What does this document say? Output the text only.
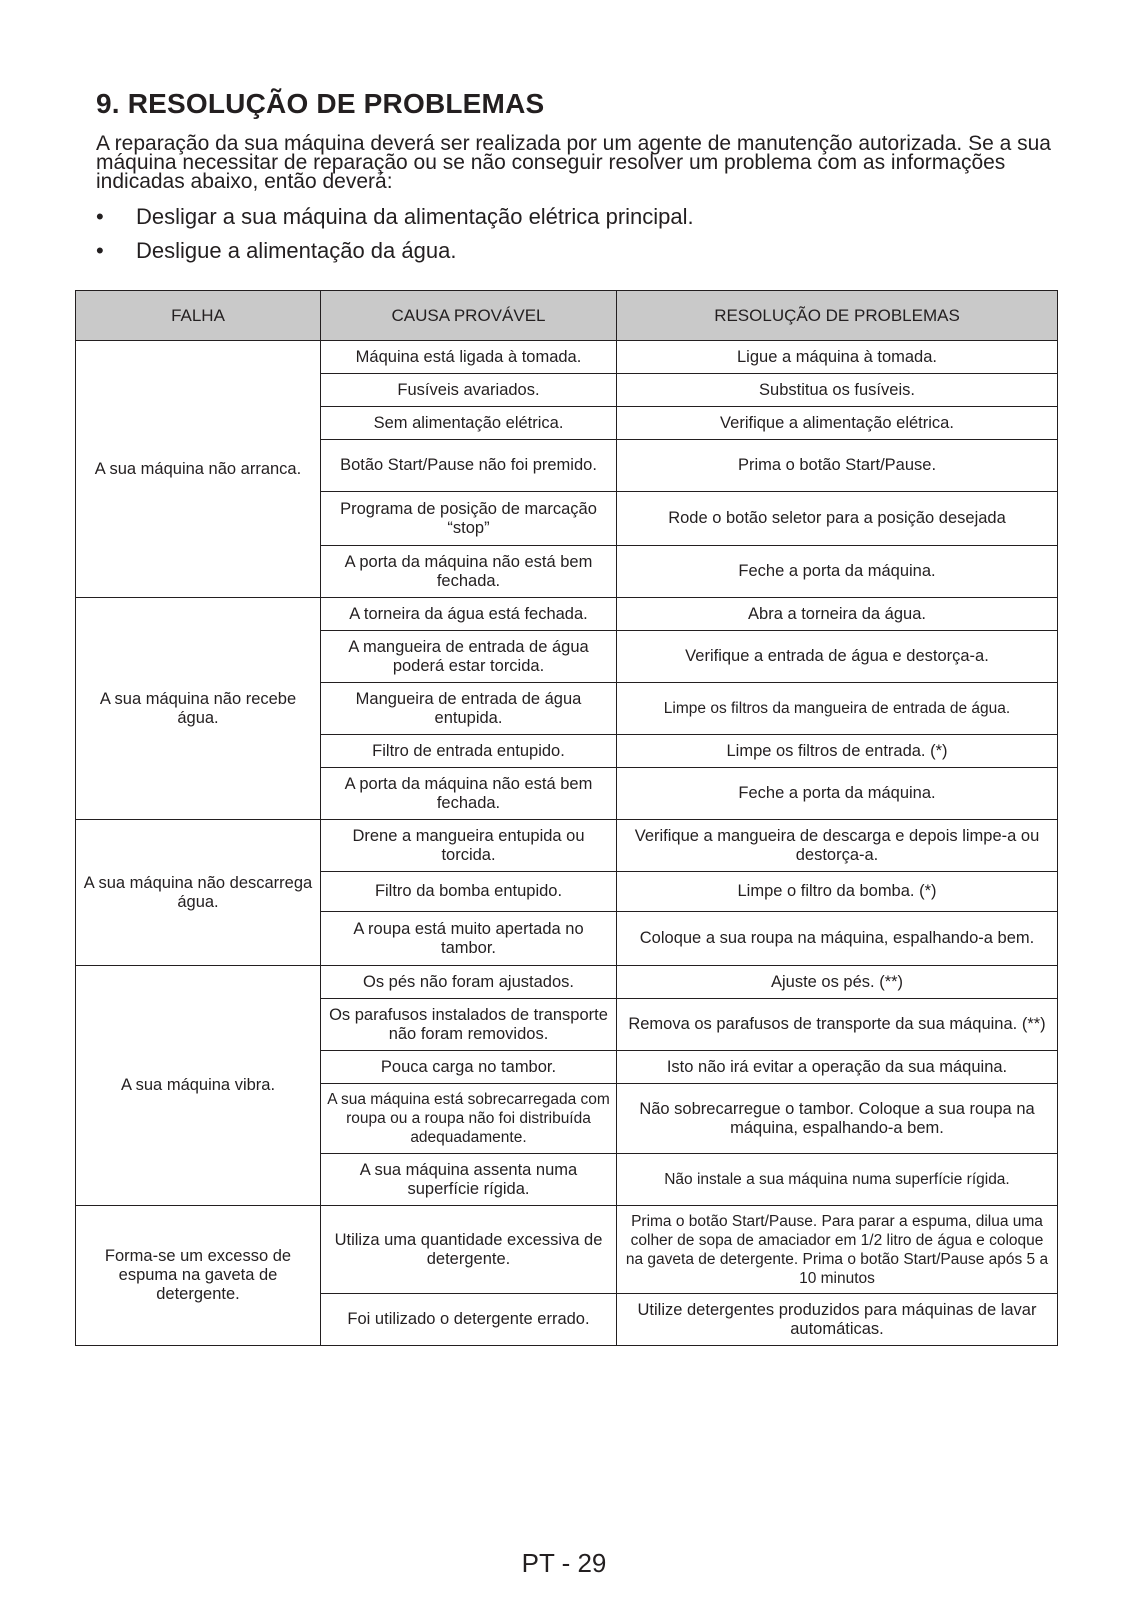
9. RESOLUÇÃO DE PROBLEMAS

A reparação da sua máquina deverá ser realizada por um agente de manutenção autorizada. Se a sua máquina necessitar de reparação ou se não conseguir resolver um problema com as informações indicadas abaixo, então deverá:

• Desligar a sua máquina da alimentação elétrica principal.
• Desligue a alimentação da água.
FALHA	CAUSA PROVÁVEL	RESOLUÇÃO DE PROBLEMAS
A sua máquina não arranca.	Máquina está ligada à tomada.	Ligue a máquina à tomada.
	Fusíveis avariados.	Substitua os fusíveis.
	Sem alimentação elétrica.	Verifique a alimentação elétrica.
	Botão Start/Pause não foi premido.	Prima o botão Start/Pause.
	Programa de posição de marcação “stop”	Rode o botão seletor para a posição desejada
	A porta da máquina não está bem fechada.	Feche a porta da máquina.
A sua máquina não recebe água.	A torneira da água está fechada.	Abra a torneira da água.
	A mangueira de entrada de água poderá estar torcida.	Verifique a entrada de água e destorça-a.
	Mangueira de entrada de água entupida.	Limpe os filtros da mangueira de entrada de água.
	Filtro de entrada entupido.	Limpe os filtros de entrada. (*)
	A porta da máquina não está bem fechada.	Feche a porta da máquina.
A sua máquina não descarrega água.	Drene a mangueira entupida ou torcida.	Verifique a mangueira de descarga e depois limpe-a ou destorça-a.
	Filtro da bomba entupido.	Limpe o filtro da bomba. (*)
	A roupa está muito apertada no tambor.	Coloque a sua roupa na máquina, espalhando-a bem.
A sua máquina vibra.	Os pés não foram ajustados.	Ajuste os pés. (**)
	Os parafusos instalados de transporte não foram removidos.	Remova os parafusos de transporte da sua máquina. (**)
	Pouca carga no tambor.	Isto não irá evitar a operação da sua máquina.
	A sua máquina está sobrecarregada com roupa ou a roupa não foi distribuída adequadamente.	Não sobrecarregue o tambor. Coloque a sua roupa na máquina, espalhando-a bem.
	A sua máquina assenta numa superfície rígida.	Não instale a sua máquina numa superfície rígida.
Forma-se um excesso de espuma na gaveta de detergente.	Utiliza uma quantidade excessiva de detergente.	Prima o botão Start/Pause. Para parar a espuma, dilua uma colher de sopa de amaciador em 1/2 litro de água e coloque na gaveta de detergente. Prima o botão Start/Pause após 5 a 10 minutos
	Foi utilizado o detergente errado.	Utilize detergentes produzidos para máquinas de lavar automáticas.
PT - 29
